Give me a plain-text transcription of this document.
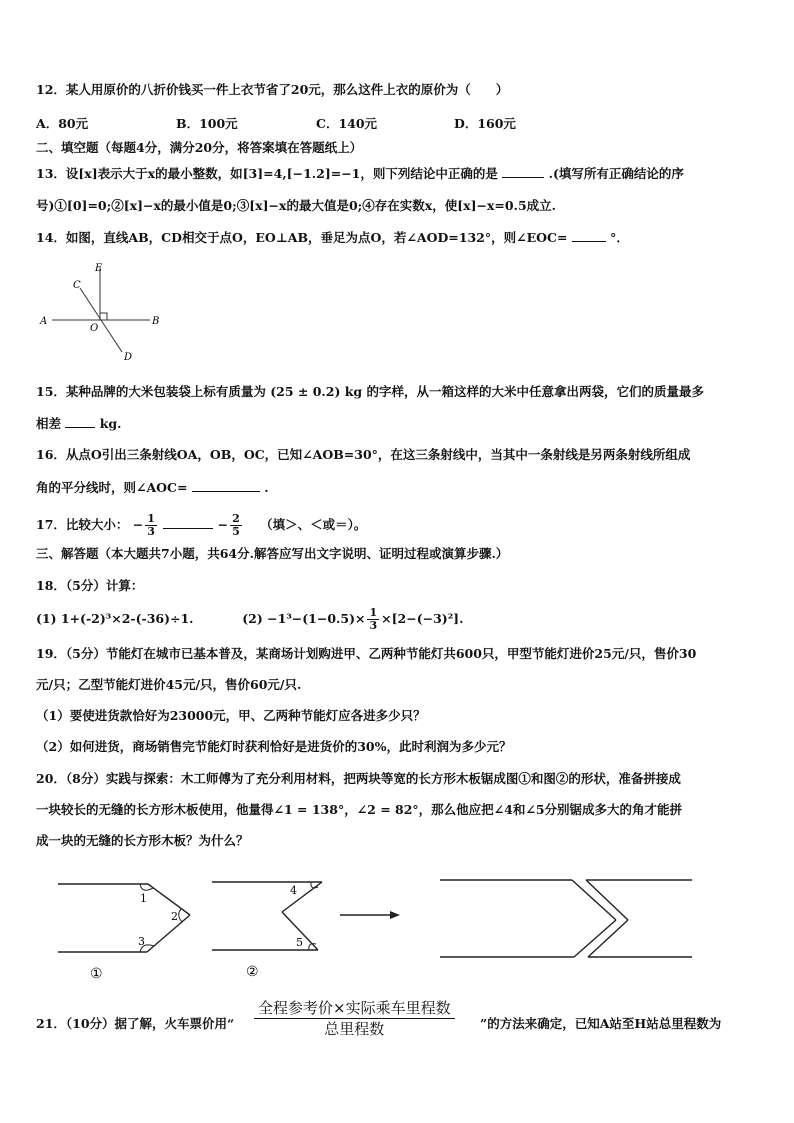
12．某人用原价的八折价钱买一件上衣节省了20元，那么这件上衣的原价为（　　）
A．80元	B．100元	C．140元	D．160元
二、填空题（每题4分，满分20分，将答案填在答题纸上）
13．设[x]表示大于x的最小整数，如[3]=4,[−1.2]=−1，则下列结论中正确的是	.(填写所有正确结论的序
号)①[0]=0;②[x]−x的最小值是0;③[x]−x的最大值是0;④存在实数x，使[x]−x=0.5成立.
14．如图，直线AB，CD相交于点O，EO⊥AB，垂足为点O，若∠AOD=132°，则∠EOC=	°．
A	B
C
D
E
O
15．某种品牌的大米包装袋上标有质量为 (25 ± 0.2) kg 的字样，从一箱这样的大米中任意拿出两袋，它们的质量最多
相差	kg.
16．从点O引出三条射线OA，OB，OC，已知∠AOB=30°，在这三条射线中，当其中一条射线是另两条射线所组成
角的平分线时，则∠AOC=	.
17．比较大小： − $\frac{1}{3}$	− $\frac{2}{5}$ （填＞、＜或＝）。
三、解答题（本大题共7小题，共64分.解答应写出文字说明、证明过程或演算步骤.）
18．（5分）计算：
(1) 1+(-2)³×2-(-36)÷1.	$(2) -1^3-(1-0.5)\times \frac{1}{3} \times[2-(-3)^2]$.
19．（5分）节能灯在城市已基本普及，某商场计划购进甲、乙两种节能灯共600只，甲型节能灯进价25元/只，售价30
元/只；乙型节能灯进价45元/只，售价60元/只.
（1）要使进货款恰好为23000元，甲、乙两种节能灯应各进多少只？
（2）如何进货，商场销售完节能灯时获利恰好是进货价的30%，此时利润为多少元？
20．（8分）实践与探索：木工师傅为了充分利用材料，把两块等宽的长方形木板锯成图①和图②的形状，准备拼接成
一块较长的无缝的长方形木板使用，他量得∠1 = 138°，∠2 = 82°，那么他应把∠4和∠5分别锯成多大的角才能拼
成一块的无缝的长方形木板？为什么？
1
2
3
①
4
5
②
21．（10分）据了解，火车票价用“
全程参考价×实际乘车里程数
总里程数	”的方法来确定，已知A站至H站总里程数为
